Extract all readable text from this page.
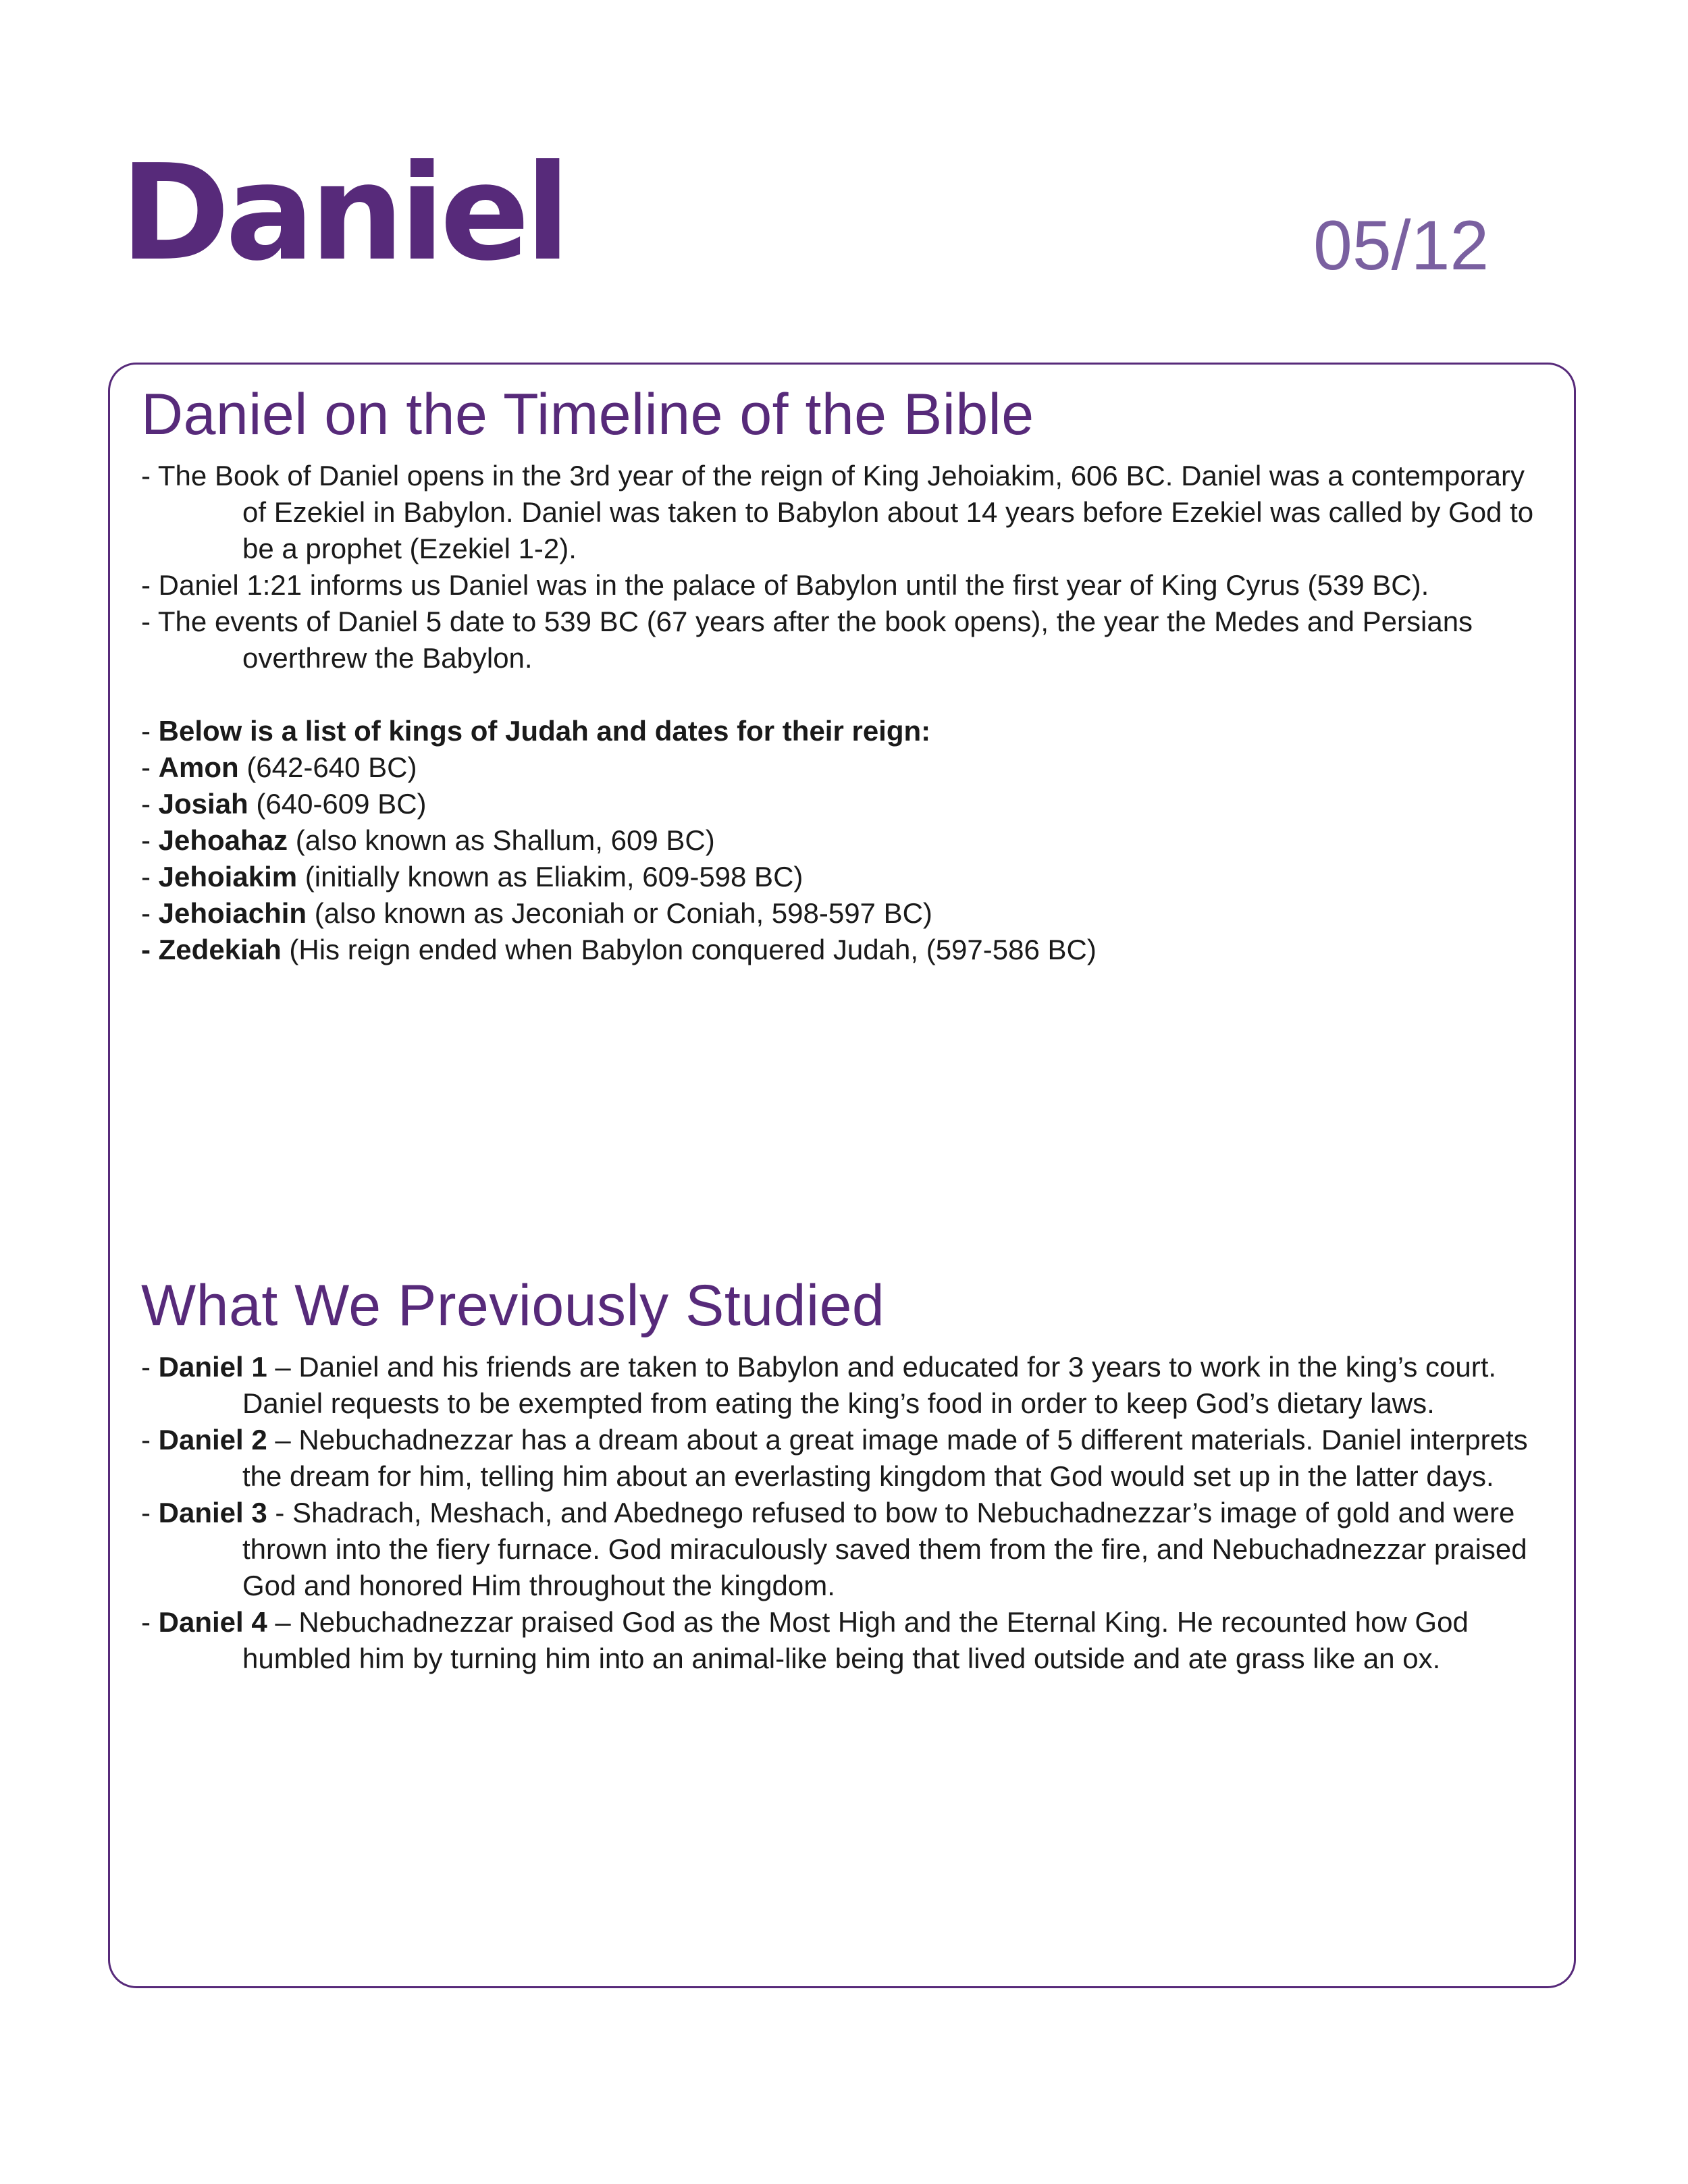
Daniel	05/12
Daniel on the Timeline of the Bible
- The Book of Daniel opens in the 3rd year of the reign of King Jehoiakim, 606 BC. Daniel was a contemporary of Ezekiel in Babylon. Daniel was taken to Babylon about 14 years before Ezekiel was called by God to be a prophet (Ezekiel 1-2).
- Daniel 1:21 informs us Daniel was in the palace of Babylon until the first year of King Cyrus (539 BC).
- The events of Daniel 5 date to 539 BC (67 years after the book opens), the year the Medes and Persians overthrew the Babylon.
- Below is a list of kings of Judah and dates for their reign:
- Amon (642-640 BC)
- Josiah (640-609 BC)
- Jehoahaz (also known as Shallum, 609 BC)
- Jehoiakim (initially known as Eliakim, 609-598 BC)
- Jehoiachin (also known as Jeconiah or Coniah, 598-597 BC)
- Zedekiah (His reign ended when Babylon conquered Judah, (597-586 BC)
What We Previously Studied
- Daniel 1 – Daniel and his friends are taken to Babylon and educated for 3 years to work in the king’s court. Daniel requests to be exempted from eating the king’s food in order to keep God’s dietary laws.
- Daniel 2 – Nebuchadnezzar has a dream about a great image made of 5 different materials. Daniel interprets the dream for him, telling him about an everlasting kingdom that God would set up in the latter days.
- Daniel 3 - Shadrach, Meshach, and Abednego refused to bow to Nebuchadnezzar’s image of gold and were thrown into the fiery furnace. God miraculously saved them from the fire, and Nebuchadnezzar praised God and honored Him throughout the kingdom.
- Daniel 4 – Nebuchadnezzar praised God as the Most High and the Eternal King. He recounted how God humbled him by turning him into an animal-like being that lived outside and ate grass like an ox.
